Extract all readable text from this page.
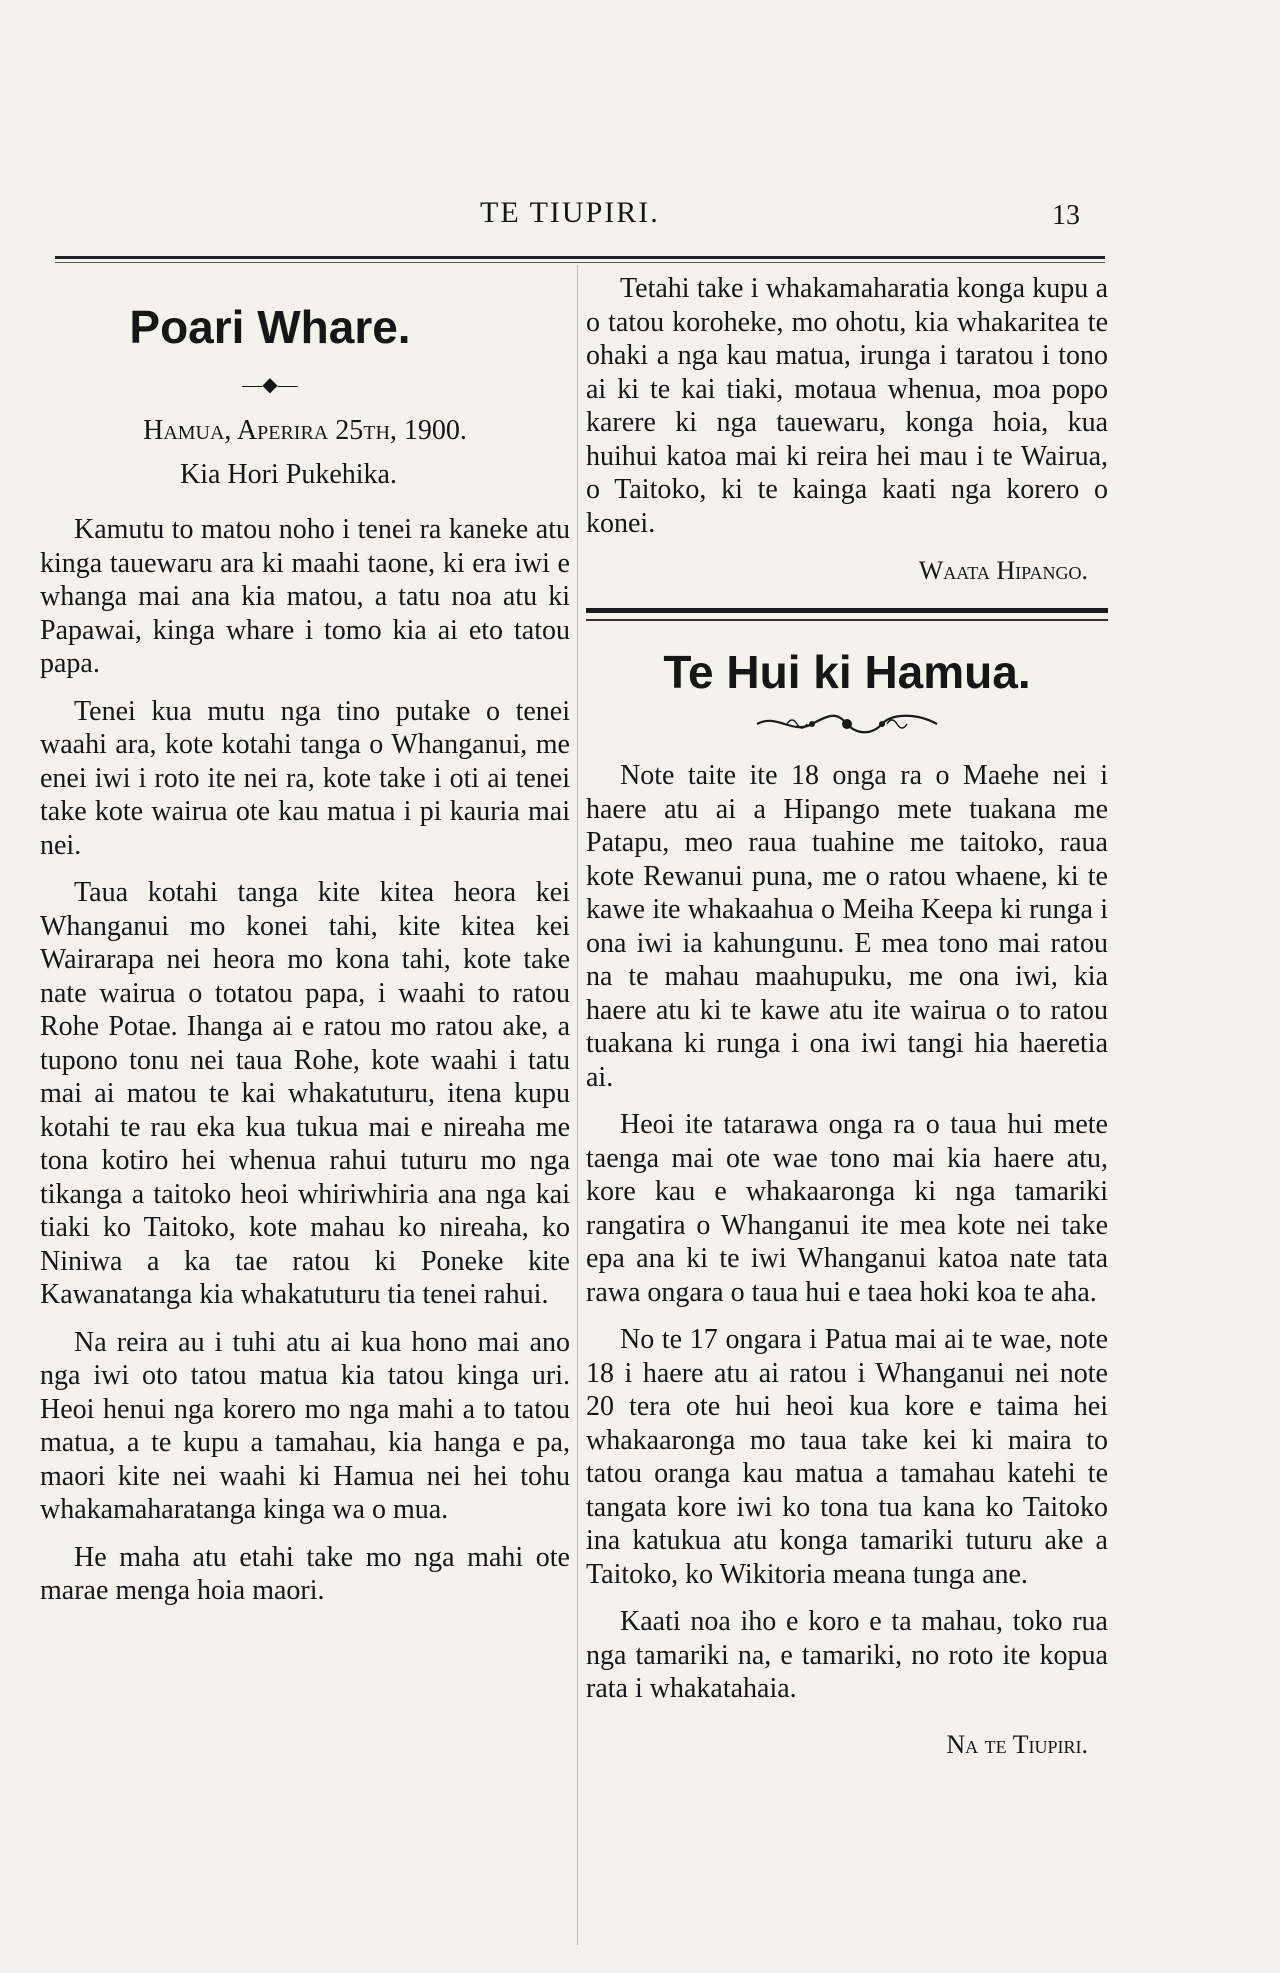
TE TIUPIRI.	13
Poari Whare.
—◆—
Hamua, Aperira 25th, 1900.
Kia Hori Pukehika.

Kamutu to matou noho i tenei ra kaneke atu kinga tauewaru ara ki maahi taone, ki era iwi e whanga mai ana kia matou, a tatu noa atu ki Papawai, kinga whare i tomo kia ai eto tatou papa.

Tenei kua mutu nga tino putake o tenei waahi ara, kote kotahi tanga o Whanganui, me enei iwi i roto ite nei ra, kote take i oti ai tenei take kote wairua ote kau matua i pi kauria mai nei.

Taua kotahi tanga kite kitea heora kei Whanganui mo konei tahi, kite kitea kei Wairarapa nei heora mo kona tahi, kote take nate wairua o totatou papa, i waahi to ratou Rohe Potae. Ihanga ai e ratou mo ratou ake, a tupono tonu nei taua Rohe, kote waahi i tatu mai ai matou te kai whakatuturu, itena kupu kotahi te rau eka kua tukua mai e nireaha me tona kotiro hei whenua rahui tuturu mo nga tikanga a taitoko heoi whiriwhiria ana nga kai tiaki ko Taitoko, kote mahau ko nireaha, ko Niniwa a ka tae ratou ki Poneke kite Kawanatanga kia whakatuturu tia tenei rahui.

Na reira au i tuhi atu ai kua hono mai ano nga iwi oto tatou matua kia tatou kinga uri. Heoi henui nga korero mo nga mahi a to tatou matua, a te kupu a tamahau, kia hanga e pa, maori kite nei waahi ki Hamua nei hei tohu whakamaharatanga kinga wa o mua.

He maha atu etahi take mo nga mahi ote marae menga hoia maori.

Tetahi take i whakamaharatia konga kupu a o tatou koroheke, mo ohotu, kia whakaritea te ohaki a nga kau matua, irunga i taratou i tono ai ki te kai tiaki, motaua whenua, moa popo karere ki nga tauewaru, konga hoia, kua huihui katoa mai ki reira hei mau i te Wairua, o Taitoko, ki te kainga kaati nga korero o konei.

Waata Hipango.
Te Hui ki Hamua.

Note taite ite 18 onga ra o Maehe nei i haere atu ai a Hipango mete tuakana me Patapu, meo raua tuahine me taitoko, raua kote Rewanui puna, me o ratou whaene, ki te kawe ite whakaahua o Meiha Keepa ki runga i ona iwi ia kahungunu. E mea tono mai ratou na te mahau maahupuku, me ona iwi, kia haere atu ki te kawe atu ite wairua o to ratou tuakana ki runga i ona iwi tangi hia haeretia ai.

Heoi ite tatarawa onga ra o taua hui mete taenga mai ote wae tono mai kia haere atu, kore kau e whakaaronga ki nga tamariki rangatira o Whanganui ite mea kote nei take epa ana ki te iwi Whanganui katoa nate tata rawa ongara o taua hui e taea hoki koa te aha.

No te 17 ongara i Patua mai ai te wae, note 18 i haere atu ai ratou i Whanganui nei note 20 tera ote hui heoi kua kore e taima hei whakaaronga mo taua take kei ki maira to tatou oranga kau matua a tamahau katehi te tangata kore iwi ko tona tua kana ko Taitoko ina katukua atu konga tamariki tuturu ake a Taitoko, ko Wikitoria meana tunga ane.

Kaati noa iho e koro e ta mahau, toko rua nga tamariki na, e tamariki, no roto ite kopua rata i whakatahaia.

Na te Tiupiri.
